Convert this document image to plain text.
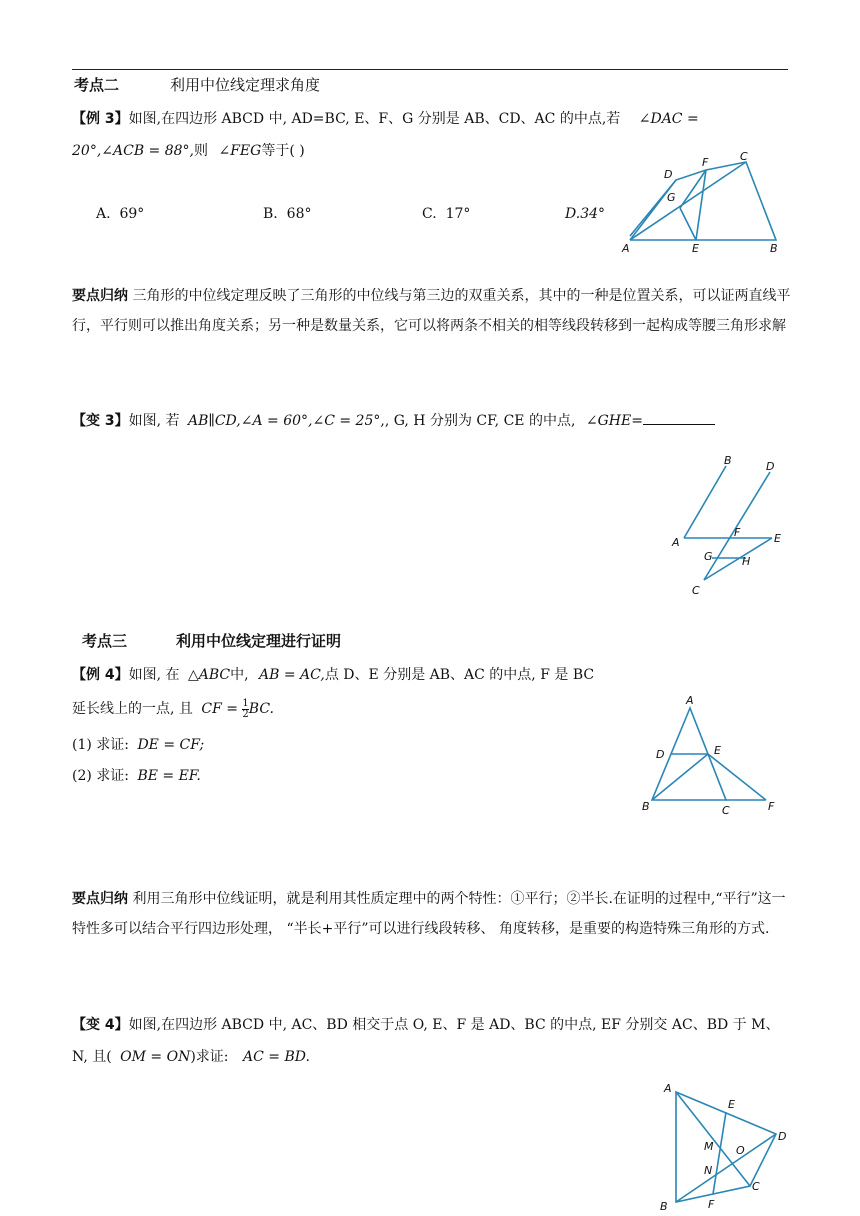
考点二	利用中位线定理求角度
【例 3】如图,在四边形 ABCD 中, AD=BC, E、F、G 分别是 AB、CD、AC 的中点,若 ∠DAC =
20°,∠ACB = 88°,则 ∠FEG等于( )
A. 69°	B. 68°	C. 17°	D.34°
D
F	C
G
A	E	B
要点归纳 三角形的中位线定理反映了三角形的中位线与第三边的双重关系，其中的一种是位置关系，可以证两直线平行，平行则可以推出角度关系；另一种是数量关系，它可以将两条不相关的相等线段转移到一起构成等腰三角形求解
【变 3】如图, 若 AB∥CD,∠A = 60°,∠C = 25°,, G, H 分别为 CF, CE 的中点, ∠GHE=
B	D
F	E
A
G	H
C
考点三	利用中位线定理进行证明
【例 4】如图, 在 △ABC中, AB = AC,点 D、E 分别是 AB、AC 的中点, F 是 BC
延长线上的一点, 且 CF = $\frac{1}{2}$ BC.
(1) 求证: DE = CF;
(2) 求证: BE = EF.
A
D	E
B	C	F
要点归纳 利用三角形中位线证明，就是利用其性质定理中的两个特性：①平行；②半长.在证明的过程中,“平行”这一特性多可以结合平行四边形处理， “半长+平行”可以进行线段转移、 角度转移，是重要的构造特殊三角形的方式.
【变 4】如图,在四边形 ABCD 中, AC、BD 相交于点 O, E、F 是 AD、BC 的中点, EF 分别交 AC、BD 于 M、
N, 且( OM = ON)求证: AC = BD.
A
E
D
M O
N
C
B	F
